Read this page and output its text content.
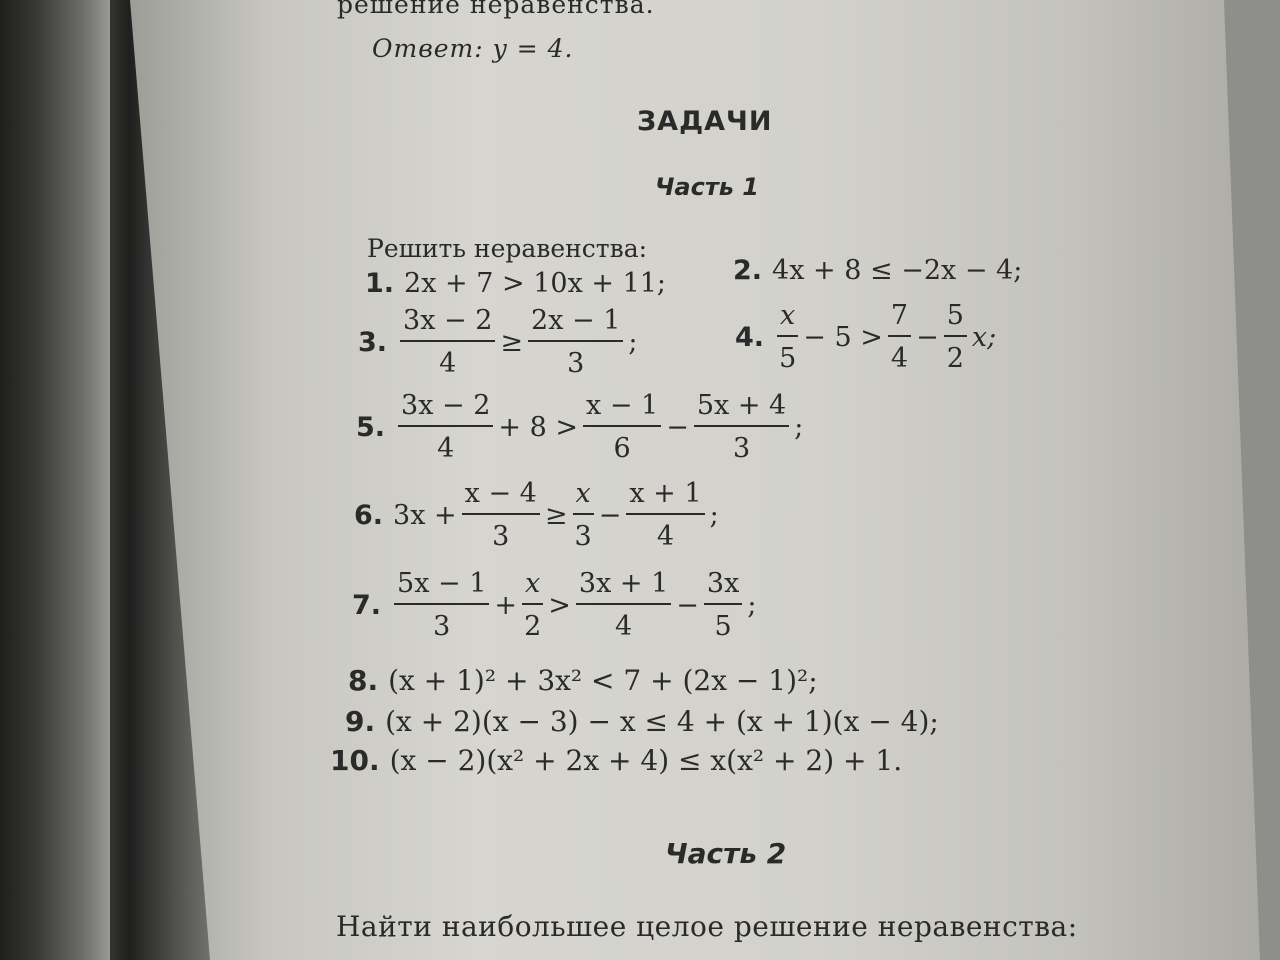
решение неравенства.
Ответ: y = 4.
ЗАДАЧИ
Часть 1
Решить неравенства:
1. 2x + 7 > 10x + 11; 2. 4x + 8 ≤ −2x − 4;
3. $\frac{3x - 2}{4} \ge \frac{2x - 1}{3}$ ;	4. $\frac{x}{5} - 5 > \frac{7}{4} - \frac{5}{2} x$;
5. $\frac{3x - 2}{4} + 8 > \frac{x - 1}{6} - \frac{5x + 4}{3}$ ;
6. $3x + \frac{x - 4}{3} \ge \frac{x}{3} - \frac{x + 1}{4}$ ;
7. $\frac{5x - 1}{3} + \frac{x}{2} > \frac{3x + 1}{4} - \frac{3x}{5}$ ;
8. (x + 1)² + 3x² < 7 + (2x − 1)²;
9. (x + 2)(x − 3) − x ≤ 4 + (x + 1)(x − 4);
10. (x − 2)(x² + 2x + 4) ≤ x(x² + 2) + 1.
Часть 2
Найти наибольшее целое решение неравенства:
